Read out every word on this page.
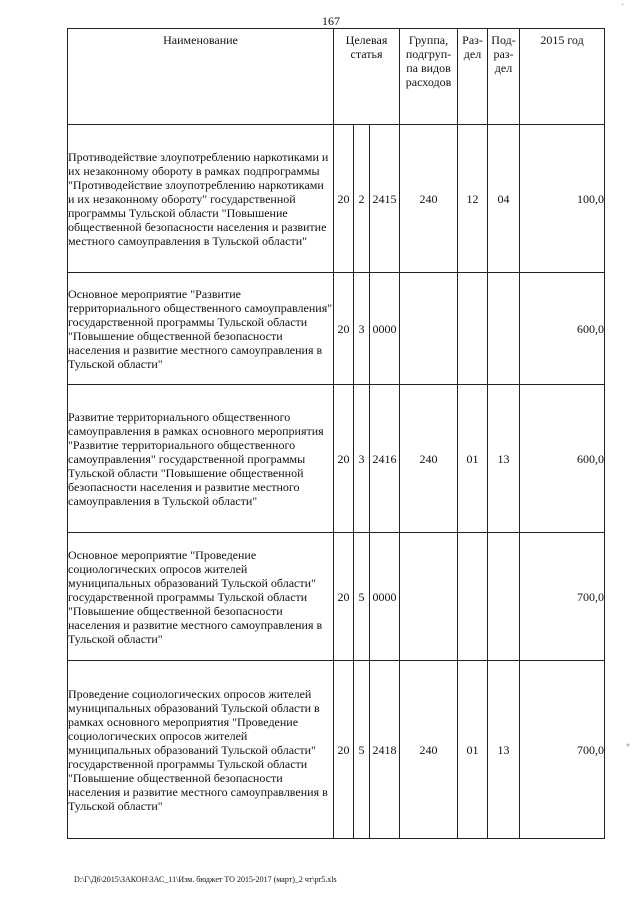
167
'
Наименование	Целевая статья			Группа, подгруп-па видов расходов	Раз-дел	Под-раз-дел	2015 год
Противодействие злоупотреблению наркотиками и их незаконному обороту в рамках подпрограммы "Противодействие злоупотреблению наркотиками и их незаконному обороту" государственной программы Тульской области "Повышение общественной безопасности населения и развитие местного самоуправления в Тульской области"	20	2	2415	240	12	04	100,0
Основное мероприятие "Развитие территориального общественного самоуправления" государственной программы Тульской области "Повышение общественной безопасности населения и развитие местного самоуправления в Тульской области"	20	3	0000				600,0
Развитие территориального общественного самоуправления в рамках основного мероприятия "Развитие территориального общественного самоуправления" государственной программы Тульской области "Повышение общественной безопасности населения и развитие местного самоуправления в Тульской области"	20	3	2416	240	01	13	600,0
Основное мероприятие "Проведение социологических опросов жителей муниципальных образований Тульской области" государственной программы Тульской области "Повышение общественной безопасности населения и развитие местного самоуправления в Тульской области"	20	5	0000				700,0
Проведение социологических опросов жителей муниципальных образований Тульской области в рамках основного мероприятия "Проведение социологических опросов жителей муниципальных образований Тульской области" государственной программы Тульской области "Повышение общественной безопасности населения и развитие местного самоуправлвения в Тульской области"	20	5	2418	240	01	13	700,0	⁎
D:\Г\Д6\2015\ЗАКОН\ЗАС_11\Изм. бюджет ТО 2015-2017 (март)_2 чт\pr5.xls
